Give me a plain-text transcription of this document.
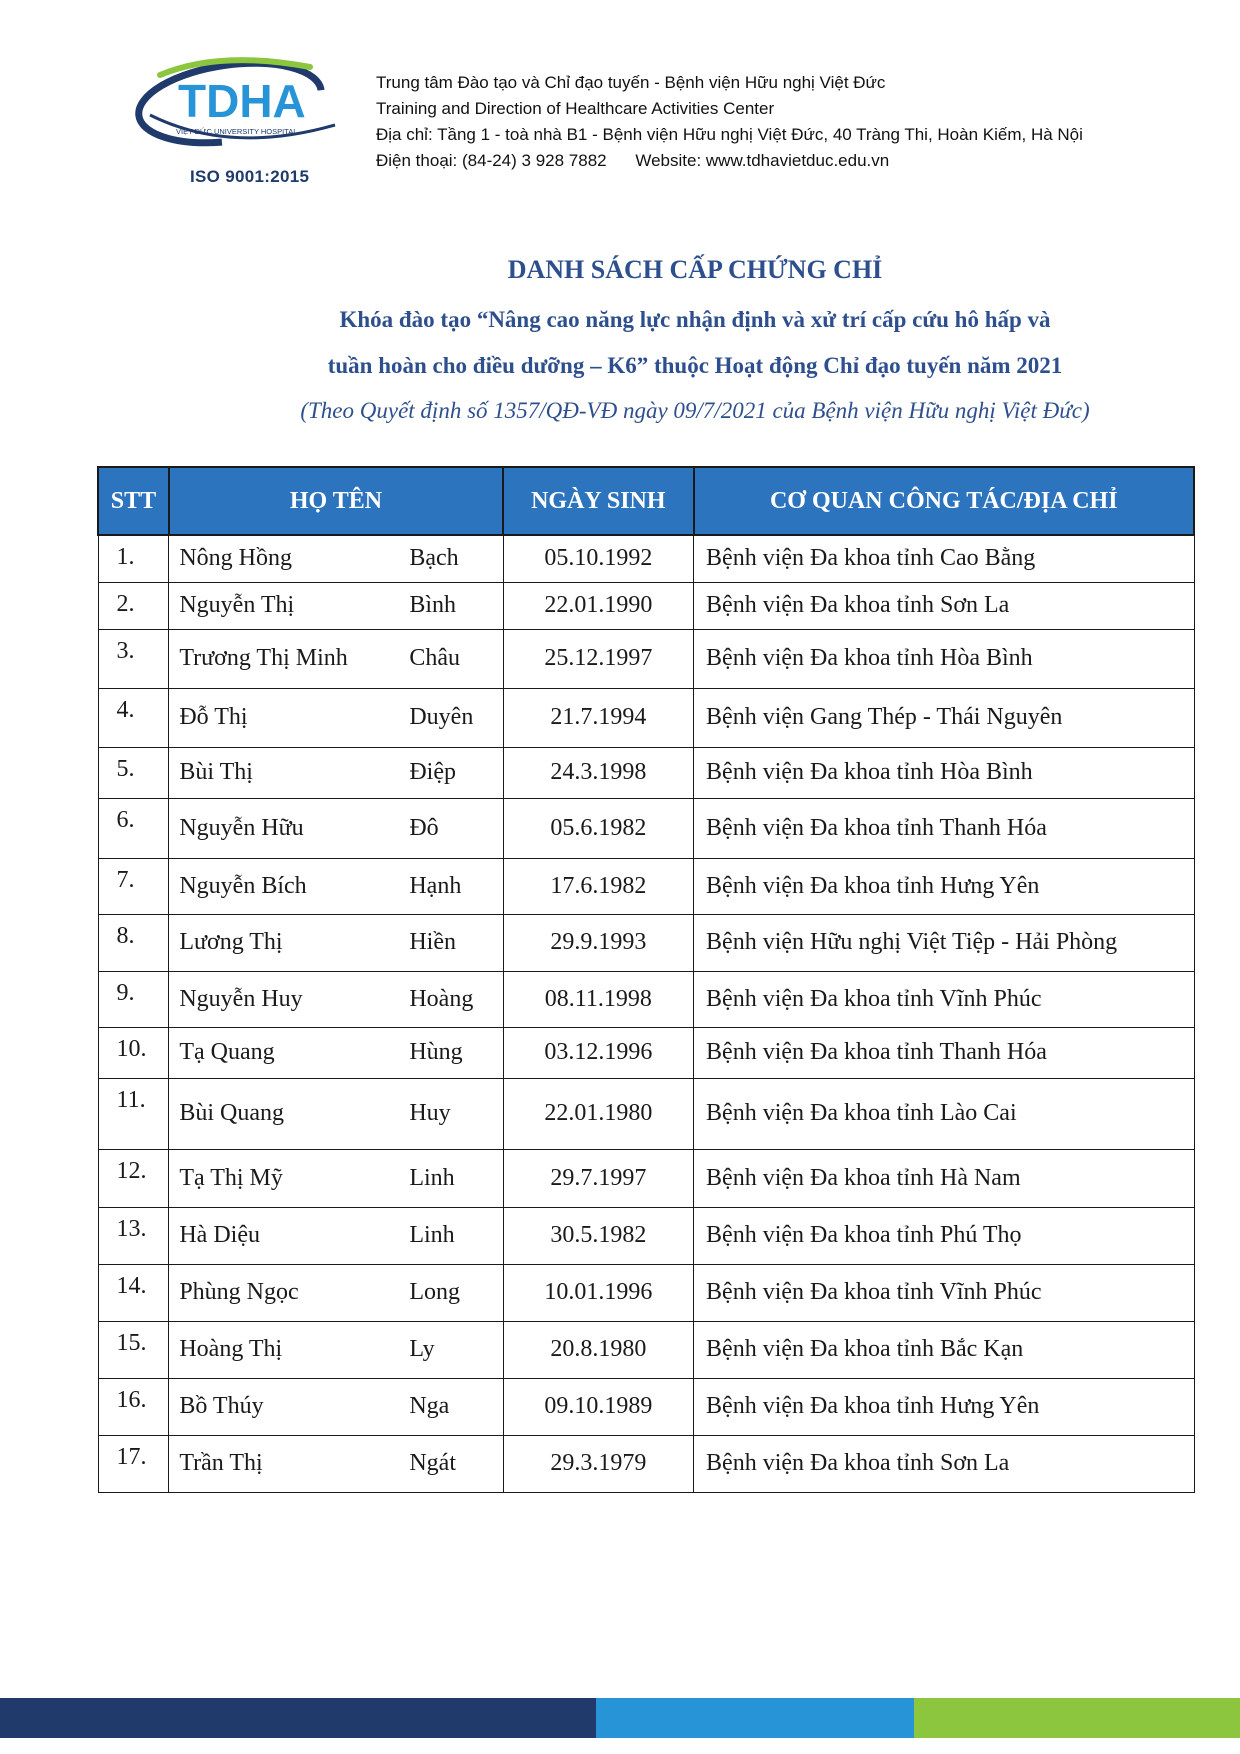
TDHA
VIỆT ĐỨC UNIVERSITY HOSPITAL
ISO 9001:2015
Trung tâm Đào tạo và Chỉ đạo tuyến - Bệnh viện Hữu nghị Việt Đức
Training and Direction of Healthcare Activities Center
Địa chỉ: Tầng 1 - toà nhà B1 - Bệnh viện Hữu nghị Việt Đức, 40 Tràng Thi, Hoàn Kiếm, Hà Nội
Điện thoại: (84-24) 3 928 7882 Website: www.tdhavietduc.edu.vn
DANH SÁCH CẤP CHỨNG CHỈ
Khóa đào tạo “Nâng cao năng lực nhận định và xử trí cấp cứu hô hấp và
tuần hoàn cho điều dưỡng – K6” thuộc Hoạt động Chỉ đạo tuyến năm 2021
(Theo Quyết định số 1357/QĐ-VĐ ngày 09/7/2021 của Bệnh viện Hữu nghị Việt Đức)
STT	HỌ TÊN	NGÀY SINH	CƠ QUAN CÔNG TÁC/ĐỊA CHỈ
1.	Nông Hồng Bạch	05.10.1992	Bệnh viện Đa khoa tỉnh Cao Bằng
2.	Nguyễn Thị Bình	22.01.1990	Bệnh viện Đa khoa tỉnh Sơn La
3.	Trương Thị Minh Châu	25.12.1997	Bệnh viện Đa khoa tỉnh Hòa Bình
4.	Đỗ Thị Duyên	21.7.1994	Bệnh viện Gang Thép - Thái Nguyên
5.	Bùi Thị Điệp	24.3.1998	Bệnh viện Đa khoa tỉnh Hòa Bình
6.	Nguyễn Hữu Đô	05.6.1982	Bệnh viện Đa khoa tỉnh Thanh Hóa
7.	Nguyễn Bích Hạnh	17.6.1982	Bệnh viện Đa khoa tỉnh Hưng Yên
8.	Lương Thị Hiền	29.9.1993	Bệnh viện Hữu nghị Việt Tiệp - Hải Phòng
9.	Nguyễn Huy Hoàng	08.11.1998	Bệnh viện Đa khoa tỉnh Vĩnh Phúc
10.	Tạ Quang Hùng	03.12.1996	Bệnh viện Đa khoa tỉnh Thanh Hóa
11.	Bùi Quang Huy	22.01.1980	Bệnh viện Đa khoa tỉnh Lào Cai
12.	Tạ Thị Mỹ Linh	29.7.1997	Bệnh viện Đa khoa tỉnh Hà Nam
13.	Hà Diệu Linh	30.5.1982	Bệnh viện Đa khoa tỉnh Phú Thọ
14.	Phùng Ngọc Long	10.01.1996	Bệnh viện Đa khoa tỉnh Vĩnh Phúc
15.	Hoàng Thị Ly	20.8.1980	Bệnh viện Đa khoa tỉnh Bắc Kạn
16.	Bồ Thúy Nga	09.10.1989	Bệnh viện Đa khoa tỉnh Hưng Yên
17.	Trần Thị Ngát	29.3.1979	Bệnh viện Đa khoa tỉnh Sơn La
